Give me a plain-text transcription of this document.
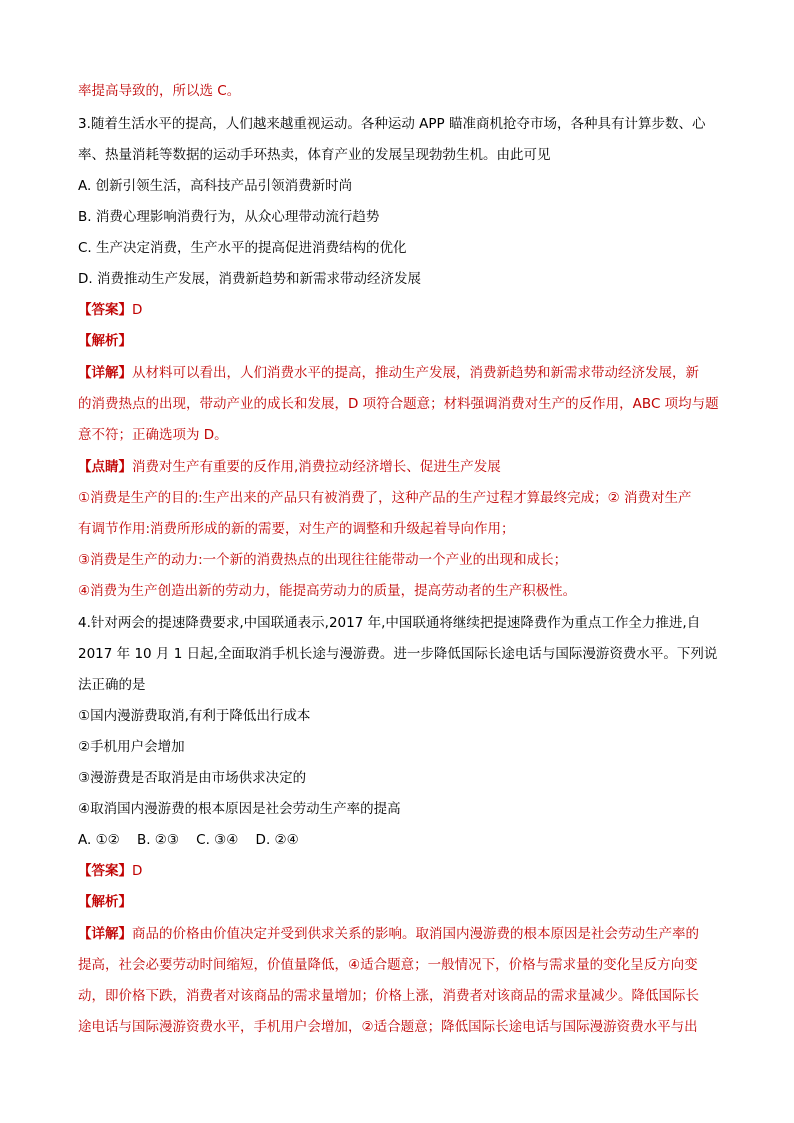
率提高导致的，所以选 C。
3.随着生活水平的提高，人们越来越重视运动。各种运动 APP 瞄准商机抢夺市场，各种具有计算步数、心
率、热量消耗等数据的运动手环热卖，体育产业的发展呈现勃勃生机。由此可见
A. 创新引领生活，高科技产品引领消费新时尚
B. 消费心理影响消费行为，从众心理带动流行趋势
C. 生产决定消费，生产水平的提高促进消费结构的优化
D. 消费推动生产发展，消费新趋势和新需求带动经济发展
【答案】D
【解析】
【详解】从材料可以看出，人们消费水平的提高，推动生产发展，消费新趋势和新需求带动经济发展，新
的消费热点的出现，带动产业的成长和发展，D 项符合题意；材料强调消费对生产的反作用，ABC 项均与题
意不符；正确选项为 D。
【点睛】消费对生产有重要的反作用,消费拉动经济增长、促进生产发展
①消费是生产的目的:生产出来的产品只有被消费了，这种产品的生产过程才算最终完成；② 消费对生产
有调节作用:消费所形成的新的需要，对生产的调整和升级起着导向作用；
③消费是生产的动力:一个新的消费热点的出现往往能带动一个产业的出现和成长；
④消费为生产创造出新的劳动力，能提高劳动力的质量，提高劳动者的生产积极性。
4.针对两会的提速降费要求,中国联通表示,2017 年,中国联通将继续把提速降费作为重点工作全力推进,自
2017 年 10 月 1 日起,全面取消手机长途与漫游费。进一步降低国际长途电话与国际漫游资费水平。下列说
法正确的是
①国内漫游费取消,有利于降低出行成本
②手机用户会增加
③漫游费是否取消是由市场供求决定的
④取消国内漫游费的根本原因是社会劳动生产率的提高
A. ①②    B. ②③    C. ③④    D. ②④
【答案】D
【解析】
【详解】商品的价格由价值决定并受到供求关系的影响。取消国内漫游费的根本原因是社会劳动生产率的
提高，社会必要劳动时间缩短，价值量降低，④适合题意；一般情况下，价格与需求量的变化呈反方向变
动，即价格下跌，消费者对该商品的需求量增加；价格上涨，消费者对该商品的需求量减少。降低国际长
途电话与国际漫游资费水平，手机用户会增加，②适合题意；降低国际长途电话与国际漫游资费水平与出
